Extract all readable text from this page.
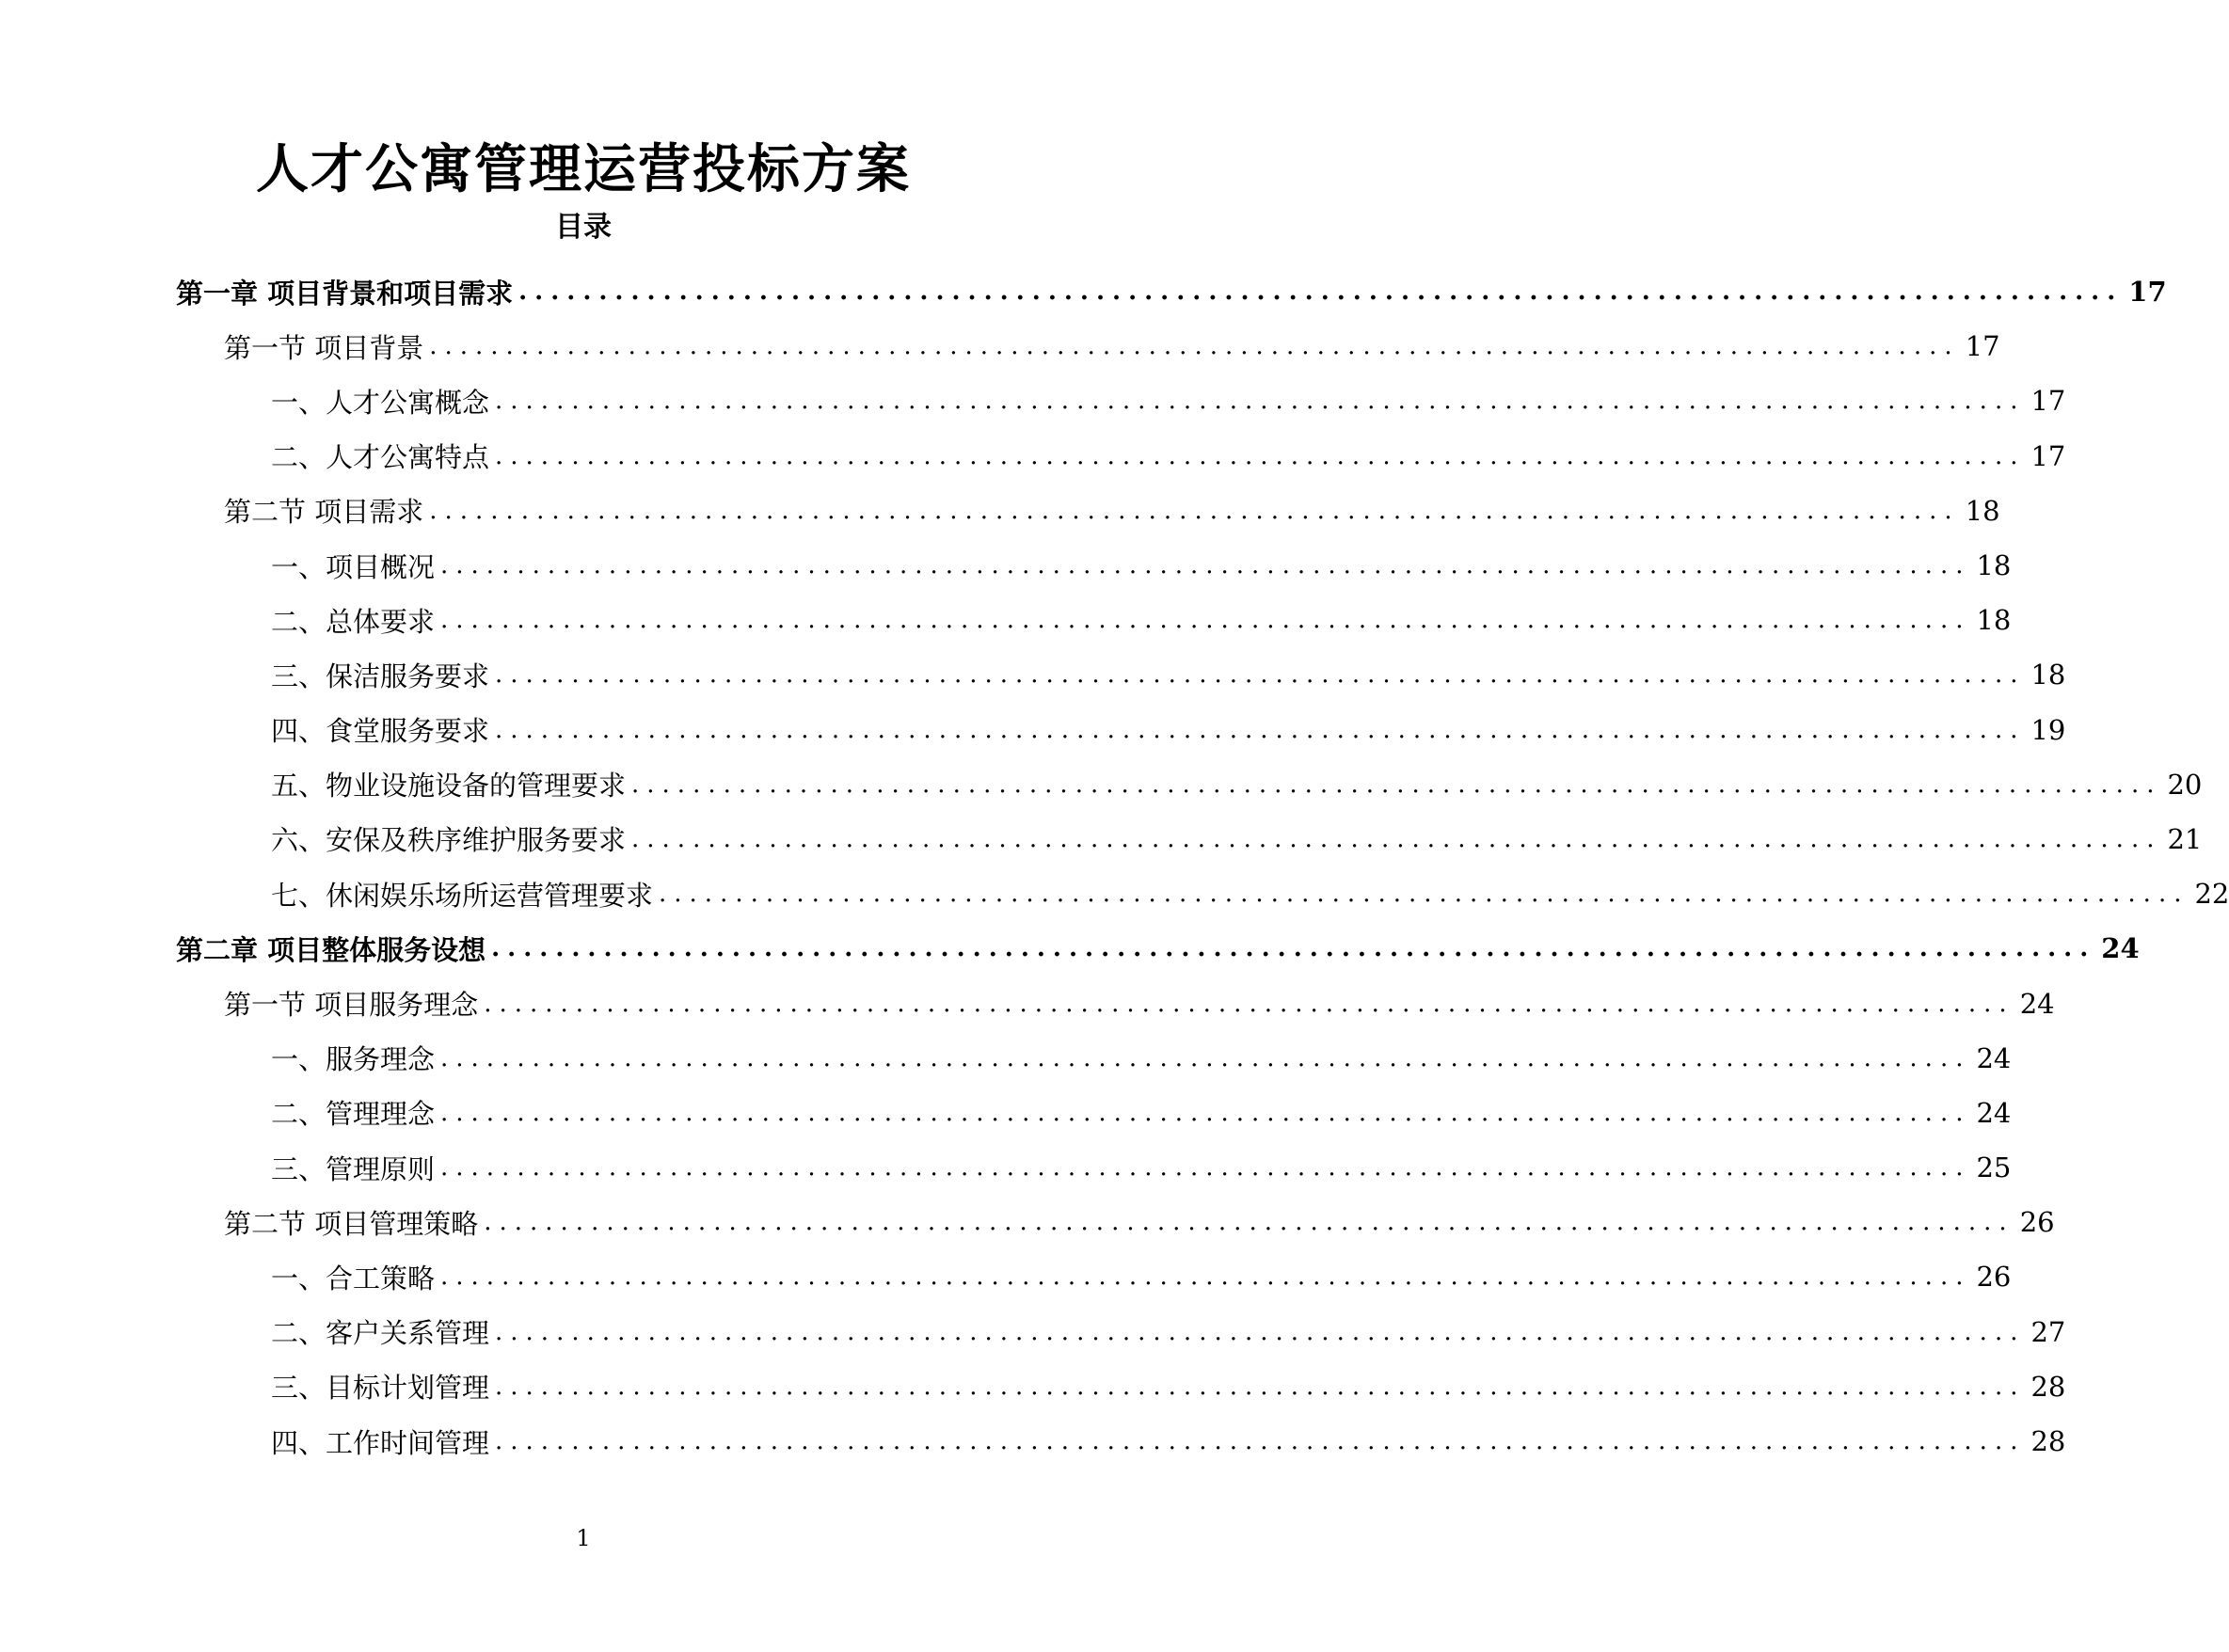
人才公寓管理运营投标方案
目录
第一章 项目背景和项目需求 .................................................................................................... 17
第一节 项目背景 .................................................................................................... 17
一、人才公寓概念 .................................................................................................... 17
二、人才公寓特点 .................................................................................................... 17
第二节 项目需求 .................................................................................................... 18
一、项目概况 .................................................................................................... 18
二、总体要求 .................................................................................................... 18
三、保洁服务要求 .................................................................................................... 18
四、食堂服务要求 .................................................................................................... 19
五、物业设施设备的管理要求 .................................................................................................... 20
六、安保及秩序维护服务要求 .................................................................................................... 21
七、休闲娱乐场所运营管理要求 .................................................................................................... 22
第二章 项目整体服务设想 .................................................................................................... 24
第一节 项目服务理念 .................................................................................................... 24
一、服务理念 .................................................................................................... 24
二、管理理念 .................................................................................................... 24
三、管理原则 .................................................................................................... 25
第二节 项目管理策略 .................................................................................................... 26
一、合工策略 .................................................................................................... 26
二、客户关系管理 .................................................................................................... 27
三、目标计划管理 .................................................................................................... 28
四、工作时间管理 .................................................................................................... 28
1
